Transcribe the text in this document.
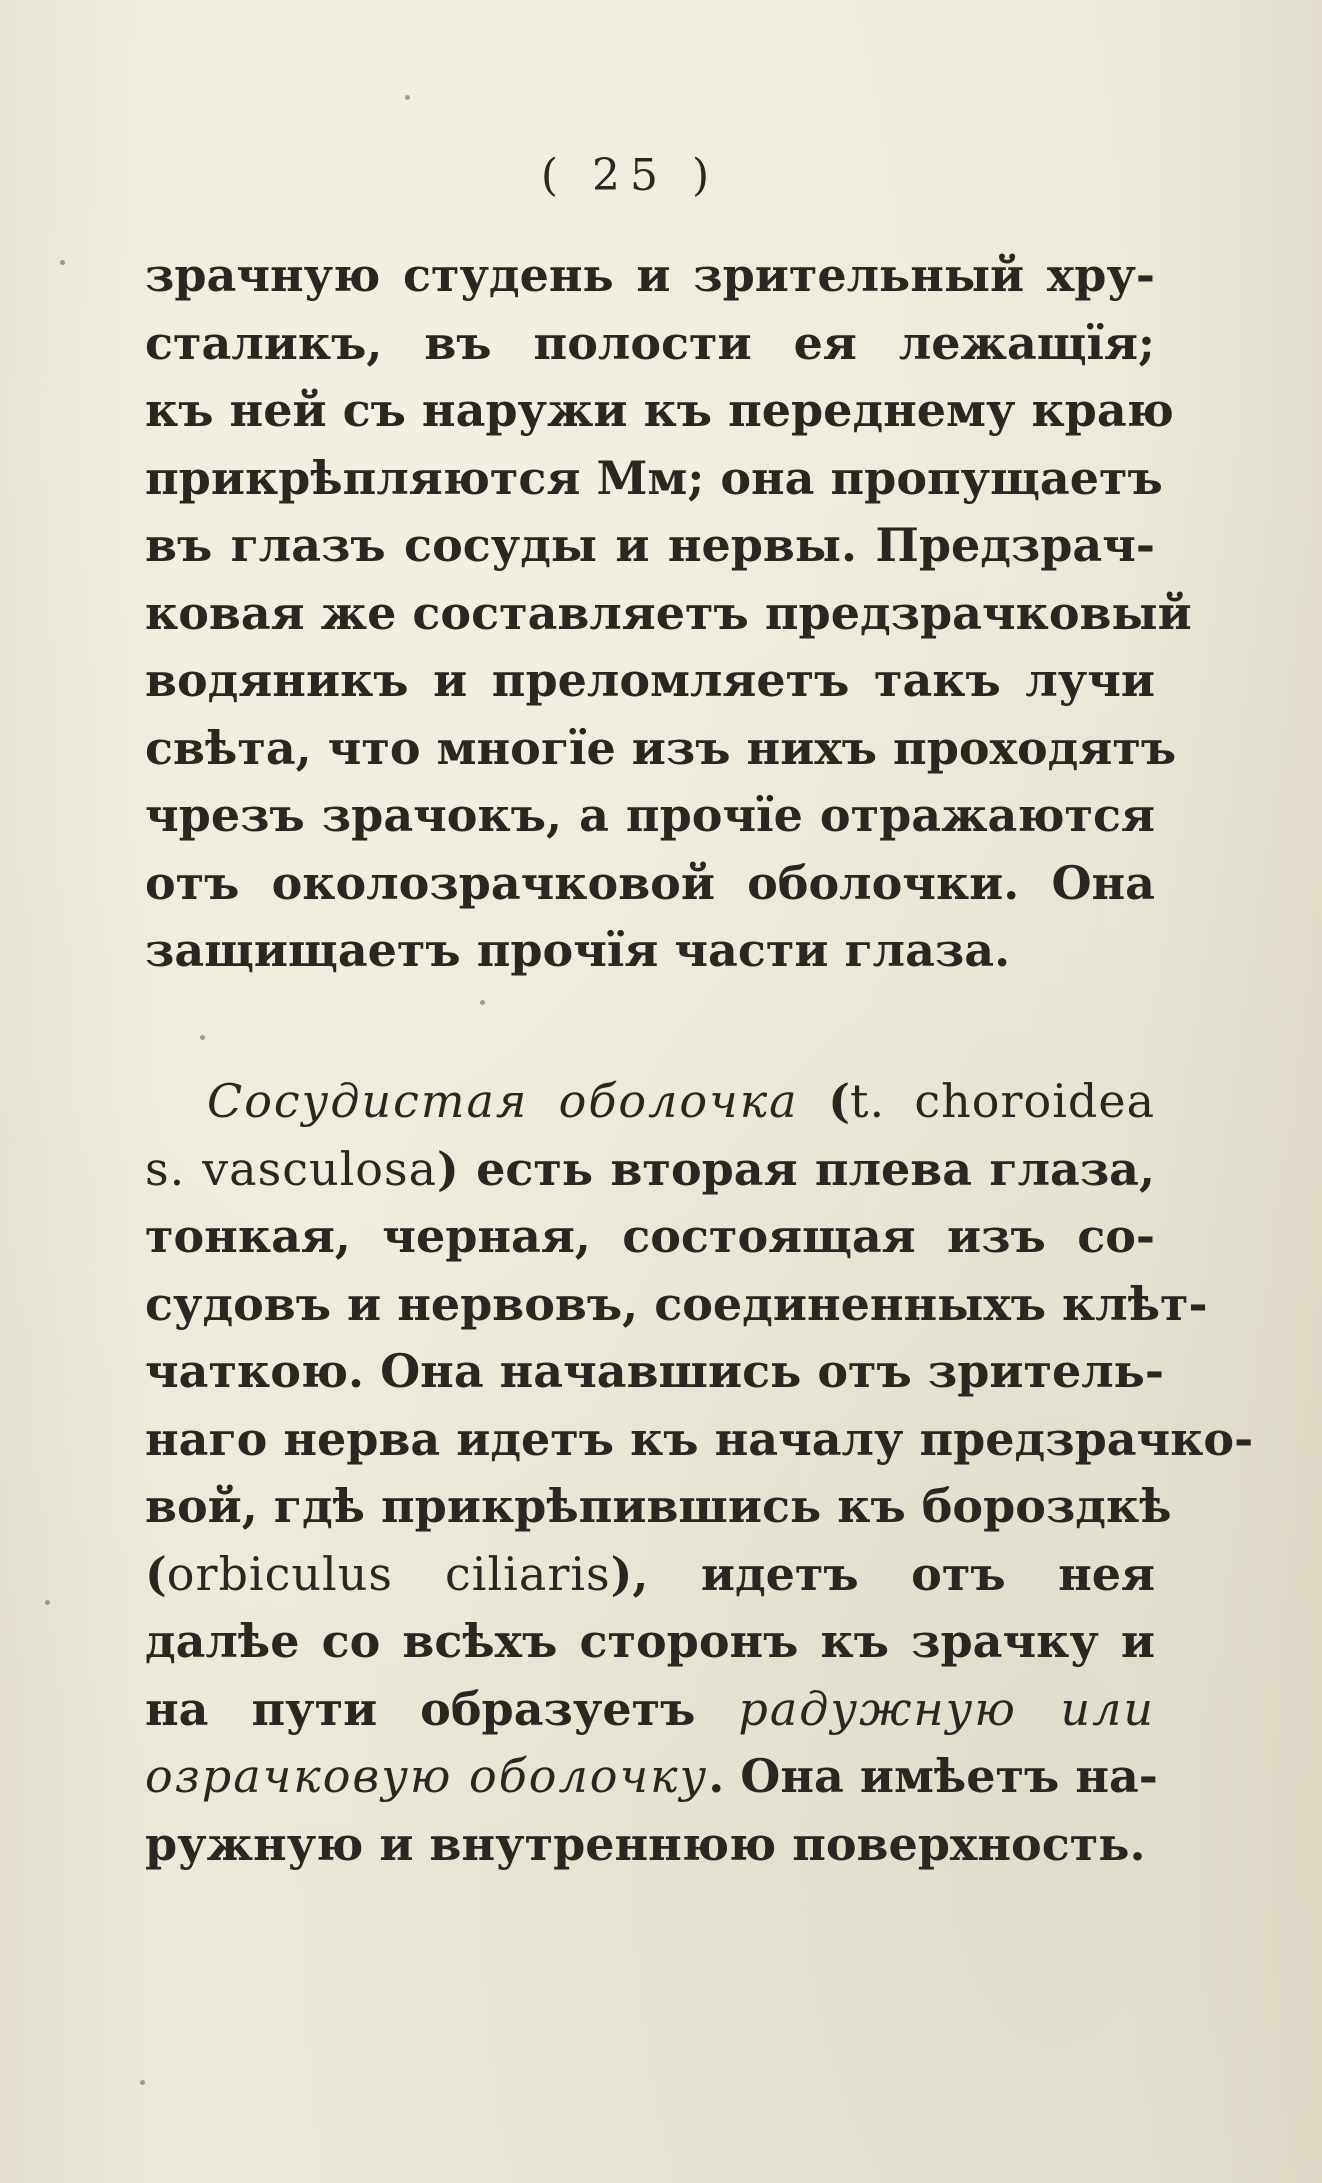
( 25 )
зрачную студень и зрительный хру-
сталикъ, въ полости ея лежащїя;
къ ней съ наружи къ переднему краю
прикрѣпляются Мм; она пропущаетъ
въ глазъ сосуды и нервы. Предзрач-
ковая же составляетъ предзрачковый
водяникъ и преломляетъ такъ лучи
свѣта, что многїе изъ нихъ проходятъ
чрезъ зрачокъ, а прочїе отражаются
отъ околозрачковой оболочки. Она
защищаетъ прочїя части глаза.
Сосудистая оболочка (t. choroidea
s. vasculosa) есть вторая плева глаза,
тонкая, черная, состоящая изъ со-
судовъ и нервовъ, соединенныхъ клѣт-
чаткою. Она начавшись отъ зритель-
наго нерва идетъ къ началу предзрачко-
вой, гдѣ прикрѣпившись къ бороздкѣ
(orbiculus ciliaris), идетъ отъ нея
далѣе со всѣхъ сторонъ къ зрачку и
на пути образуетъ радужную или
озрачковую оболочку. Она имѣетъ на-
ружную и внутреннюю поверхность.
